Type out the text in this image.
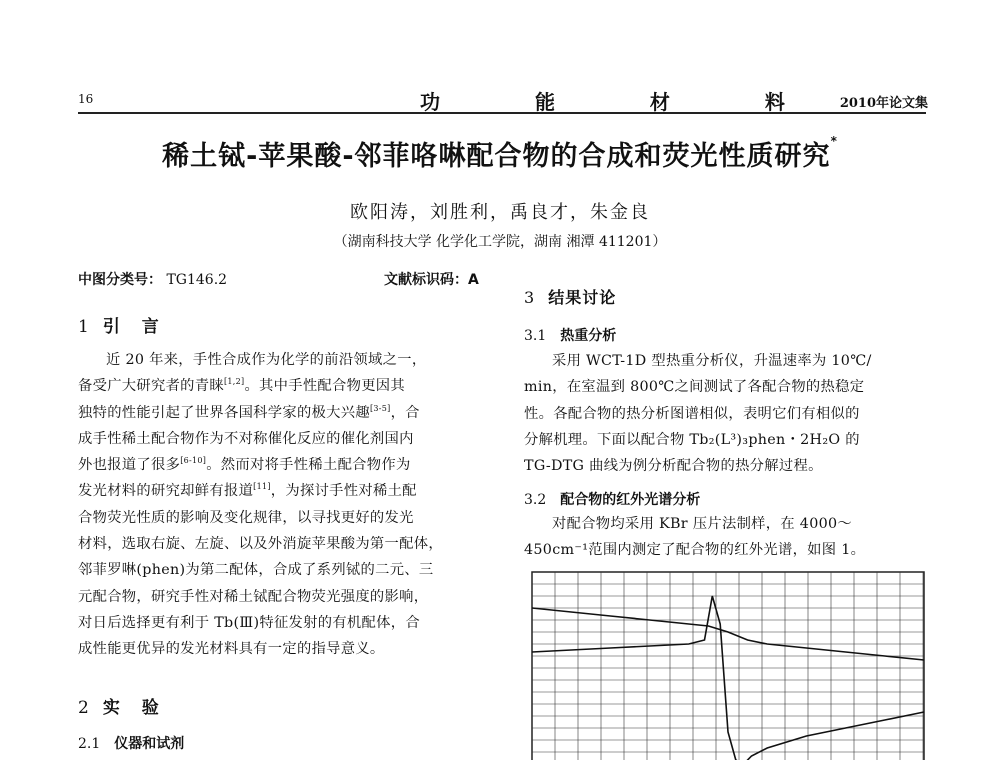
16	功 能 材 料 2010年论文集
稀土铽-苹果酸-邻菲咯啉配合物的合成和荧光性质研究*
欧阳涛，刘胜利，禹良才，朱金良
（湖南科技大学 化学化工学院，湖南 湘潭 411201）
中图分类号： TG146.2	文献标识码：A
1 引 言

近 20 年来，手性合成作为化学的前沿领域之一，

备受广大研究者的青睐[1,2]。其中手性配合物更因其

独特的性能引起了世界各国科学家的极大兴趣[3-5]，合

成手性稀土配合物作为不对称催化反应的催化剂国内

外也报道了很多[6-10]。然而对将手性稀土配合物作为

发光材料的研究却鲜有报道[11]，为探讨手性对稀土配

合物荧光性质的影响及变化规律，以寻找更好的发光

材料，选取右旋、左旋、以及外消旋苹果酸为第一配体，

邻菲罗啉(phen)为第二配体，合成了系列铽的二元、三

元配合物，研究手性对稀土铽配合物荧光强度的影响，

对日后选择更有利于 Tb(Ⅲ)特征发射的有机配体，合

成性能更优异的发光材料具有一定的指导意义。

2 实 验
2.1 仪器和试剂
3 结果讨论
3.1 热重分析

采用 WCT-1D 型热重分析仪，升温速率为 10℃/

min，在室温到 800℃之间测试了各配合物的热稳定

性。各配合物的热分析图谱相似，表明它们有相似的

分解机理。下面以配合物 Tb₂(L³)₃phen・2H₂O 的

TG-DTG 曲线为例分析配合物的热分解过程。

3.2 配合物的红外光谱分析

对配合物均采用 KBr 压片法制样，在 4000～

450cm⁻¹范围内测定了配合物的红外光谱，如图 1。
